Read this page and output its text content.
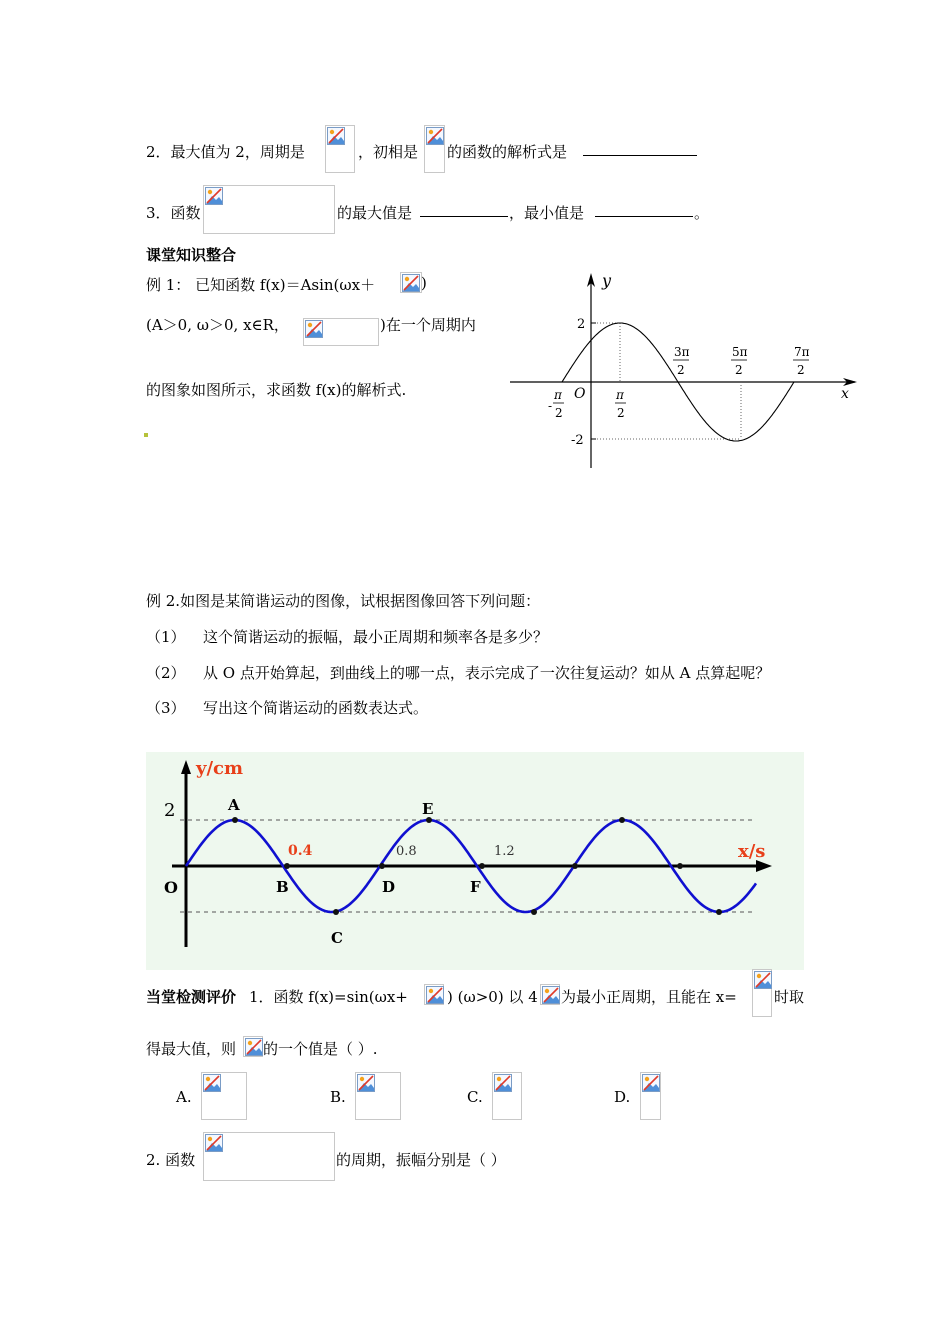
2．最大值为 2，周期是	，初相是 的函数的解析式是
3．函数	的最大值是	，最小值是	。
课堂知识整合
例 1： 已知函数 f(x)＝Asin(ωx＋	)
(A＞0, ω＞0, x∈R，	)在一个周期内
的图象如图所示，求函数 f(x)的解析式.
y
x
O
2
-2
-
π
2
π
2
3π
2
5π
2
7π
2
例 2.如图是某简谐运动的图像，试根据图像回答下列问题：
（1） 这个简谐运动的振幅，最小正周期和频率各是多少？
（2） 从 O 点开始算起，到曲线上的哪一点，表示完成了一次往复运动？如从 A 点算起呢？
（3） 写出这个简谐运动的函数表达式。
y/cm
x/s
2
O
A
B
C
D
E
F
0.4	0.8	1.2
当堂检测评价 1．函数 f(x)=sin(ωx+	) (ω>0) 以 4 为最小正周期，且能在 x= 时取
得最大值，则 的一个值是（ ）.
A.	B.	C.	D.
2. 函数	的周期，振幅分别是（ ）
